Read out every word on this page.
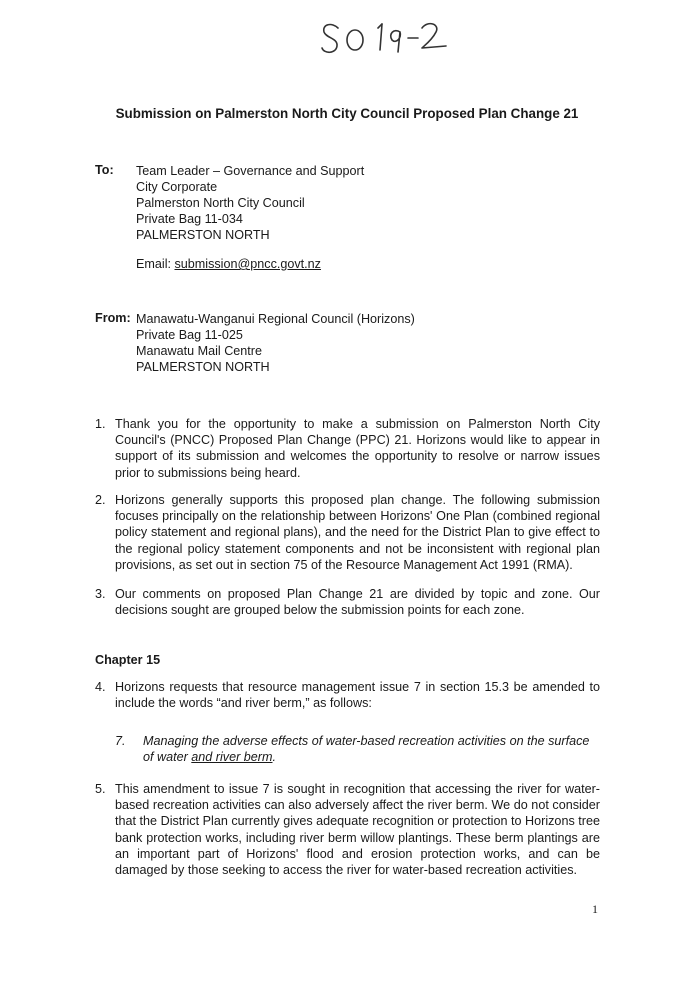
Submission on Palmerston North City Council Proposed Plan Change 21
To: Team Leader – Governance and Support
City Corporate
Palmerston North City Council
Private Bag 11-034
PALMERSTON NORTH
Email: submission@pncc.govt.nz
From: Manawatu-Wanganui Regional Council (Horizons)
Private Bag 11-025
Manawatu Mail Centre
PALMERSTON NORTH
1. Thank you for the opportunity to make a submission on Palmerston North City Council's (PNCC) Proposed Plan Change (PPC) 21. Horizons would like to appear in support of its submission and welcomes the opportunity to resolve or narrow issues prior to submissions being heard.
2. Horizons generally supports this proposed plan change. The following submission focuses principally on the relationship between Horizons' One Plan (combined regional policy statement and regional plans), and the need for the District Plan to give effect to the regional policy statement components and not be inconsistent with regional plan provisions, as set out in section 75 of the Resource Management Act 1991 (RMA).
3. Our comments on proposed Plan Change 21 are divided by topic and zone. Our decisions sought are grouped below the submission points for each zone.
Chapter 15
4. Horizons requests that resource management issue 7 in section 15.3 be amended to include the words “and river berm,” as follows:
7. Managing the adverse effects of water-based recreation activities on the surface of water and river berm.
5. This amendment to issue 7 is sought in recognition that accessing the river for water-based recreation activities can also adversely affect the river berm. We do not consider that the District Plan currently gives adequate recognition or protection to Horizons tree bank protection works, including river berm willow plantings. These berm plantings are an important part of Horizons' flood and erosion protection works, and can be damaged by those seeking to access the river for water-based recreation activities.
1
